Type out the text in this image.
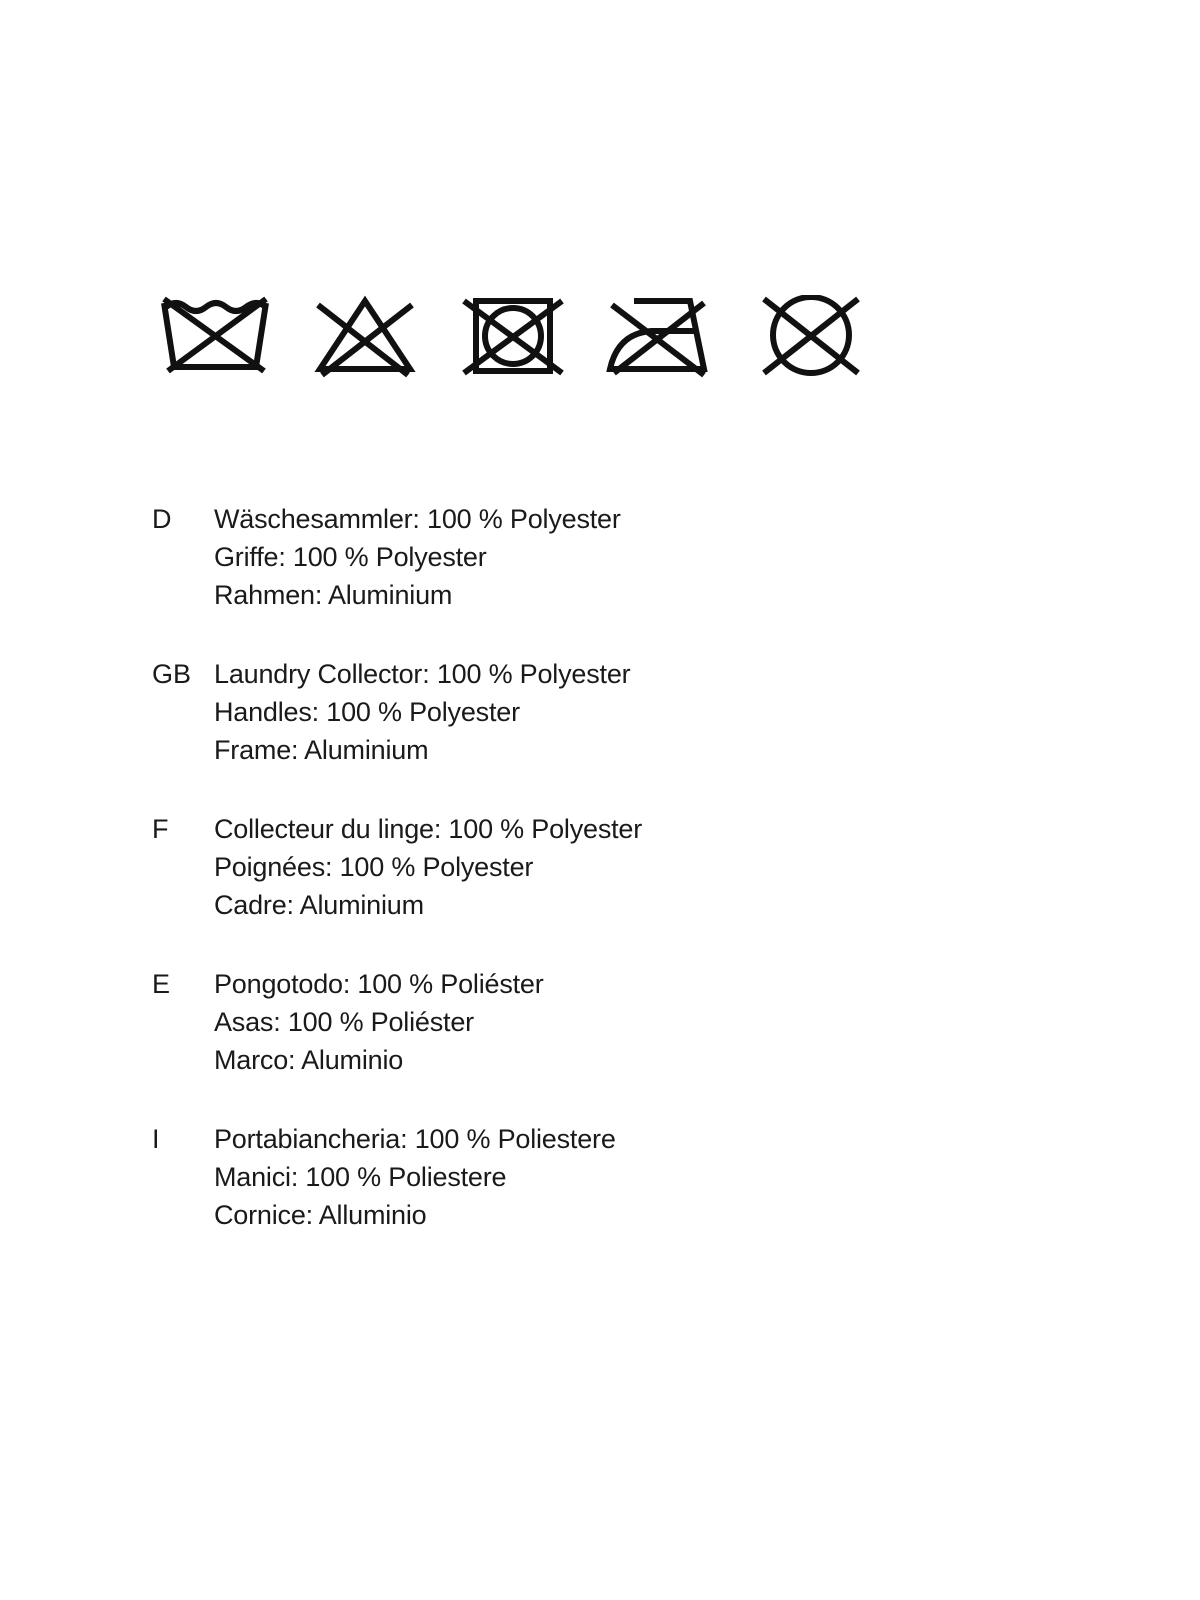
D	Wäschesammler: 100 % Polyester
Griffe: 100 % Polyester
Rahmen: Aluminium
GB Laundry Collector: 100 % Polyester
Handles: 100 % Polyester
Frame: Aluminium
F	Collecteur du linge: 100 % Polyester
Poignées: 100 % Polyester
Cadre: Aluminium
E	Pongotodo: 100 % Poliéster
Asas: 100 % Poliéster
Marco: Aluminio
I	Portabiancheria: 100 % Poliestere
Manici: 100 % Poliestere
Cornice: Alluminio
